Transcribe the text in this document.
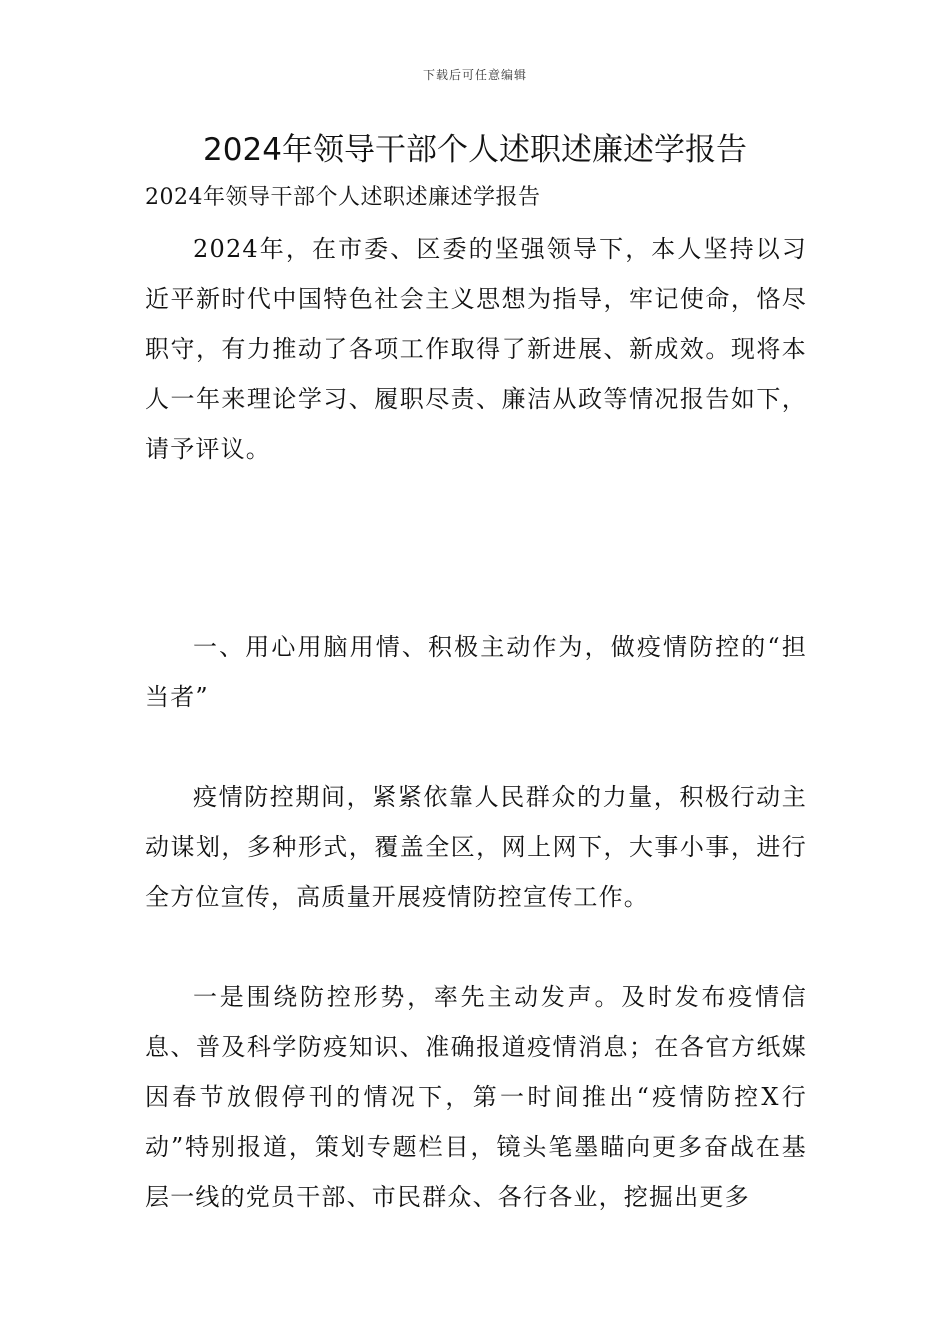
下载后可任意编辑
2024年领导干部个人述职述廉述学报告
2024年领导干部个人述职述廉述学报告

2024年，在市委、区委的坚强领导下，本人坚持以习近平新时代中国特色社会主义思想为指导，牢记使命，恪尽职守，有力推动了各项工作取得了新进展、新成效。现将本人一年来理论学习、履职尽责、廉洁从政等情况报告如下，请予评议。

一、用心用脑用情、积极主动作为，做疫情防控的“担当者”

疫情防控期间，紧紧依靠人民群众的力量，积极行动主动谋划，多种形式，覆盖全区，网上网下，大事小事，进行全方位宣传，高质量开展疫情防控宣传工作。

一是围绕防控形势，率先主动发声。及时发布疫情信息、普及科学防疫知识、准确报道疫情消息；在各官方纸媒因春节放假停刊的情况下，第一时间推出“疫情防控X行动”特别报道，策划专题栏目，镜头笔墨瞄向更多奋战在基层一线的党员干部、市民群众、各行各业，挖掘出更多
